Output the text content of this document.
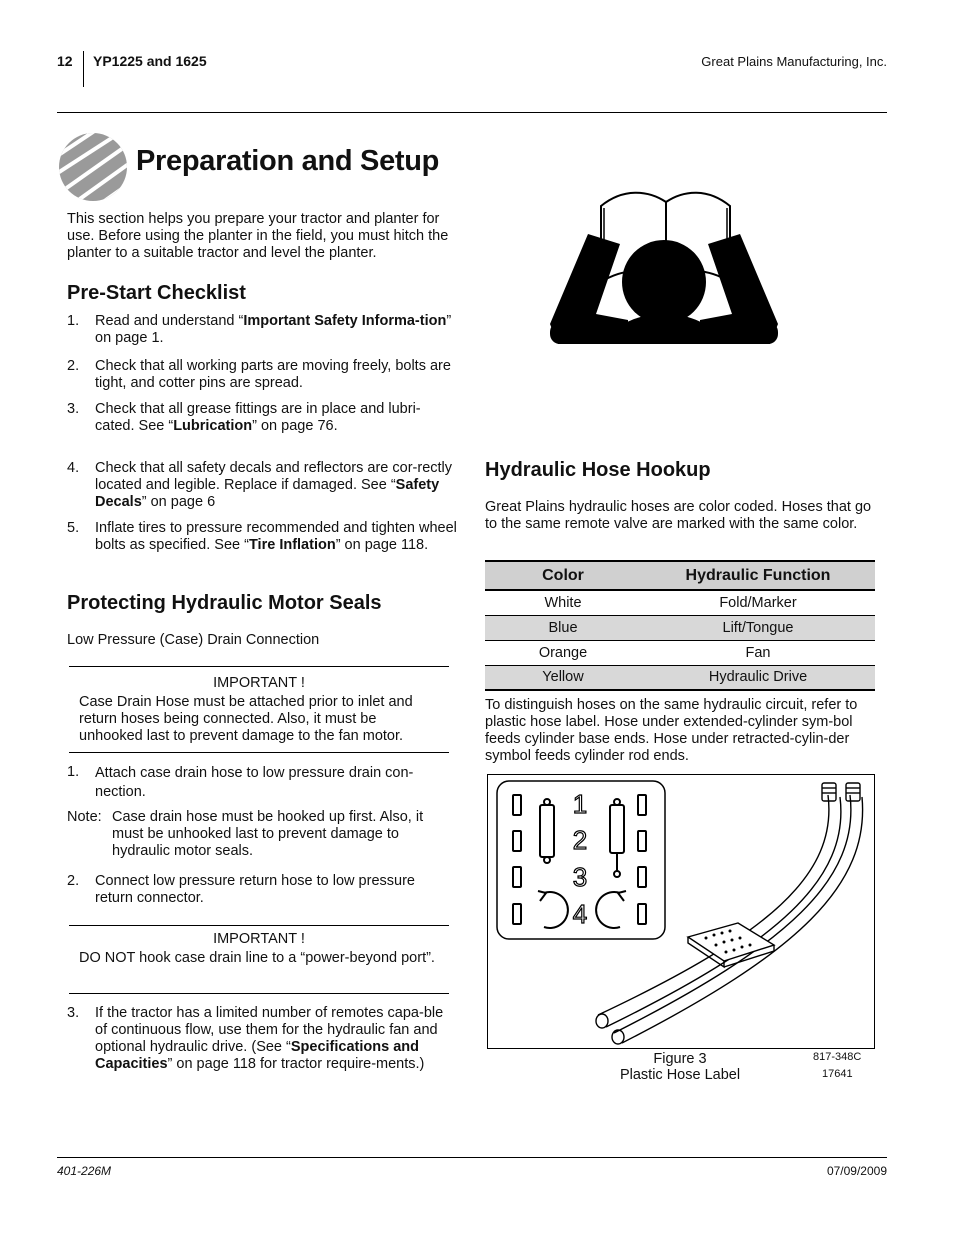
12 YP1225 and 1625	Great Plains Manufacturing, Inc.
Preparation and Setup
This section helps you prepare your tractor and planter for use. Before using the planter in the field, you must hitch the planter to a suitable tractor and level the planter.
Pre-Start Checklist
1. Read and understand “Important Safety Informa-tion” on page 1.
2. Check that all working parts are moving freely, bolts are tight, and cotter pins are spread.
3. Check that all grease fittings are in place and lubri-cated. See “Lubrication” on page 76.
4. Check that all safety decals and reflectors are cor-rectly located and legible. Replace if damaged. See “Safety Decals” on page 6
5. Inflate tires to pressure recommended and tighten wheel bolts as specified. See “Tire Inflation” on page 118.
Protecting Hydraulic Motor Seals
Low Pressure (Case) Drain Connection
IMPORTANT !
Case Drain Hose must be attached prior to inlet and return hoses being connected. Also, it must be unhooked last to prevent damage to the fan motor.
1. Attach case drain hose to low pressure drain con-nection.
Note: Case drain hose must be hooked up first. Also, it must be unhooked last to prevent damage to hydraulic motor seals.
2. Connect low pressure return hose to low pressure return connector.
IMPORTANT !
DO NOT hook case drain line to a “power-beyond port”.
3. If the tractor has a limited number of remotes capa-ble of continuous flow, use them for the hydraulic fan and optional hydraulic drive. (See “Specifications and Capacities” on page 118 for tractor require-ments.)
Hydraulic Hose Hookup
Great Plains hydraulic hoses are color coded. Hoses that go to the same remote valve are marked with the same color.
Color	Hydraulic Function
White	Fold/Marker
Blue	Lift/Tongue
Orange	Fan
Yellow	Hydraulic Drive
To distinguish hoses on the same hydraulic circuit, refer to plastic hose label. Hose under extended-cylinder sym-bol feeds cylinder base ends. Hose under retracted-cylin-der symbol feeds cylinder rod ends.
1
2
3
4
Figure 3
Plastic Hose Label
817-348C
17641
401-226M	07/09/2009
